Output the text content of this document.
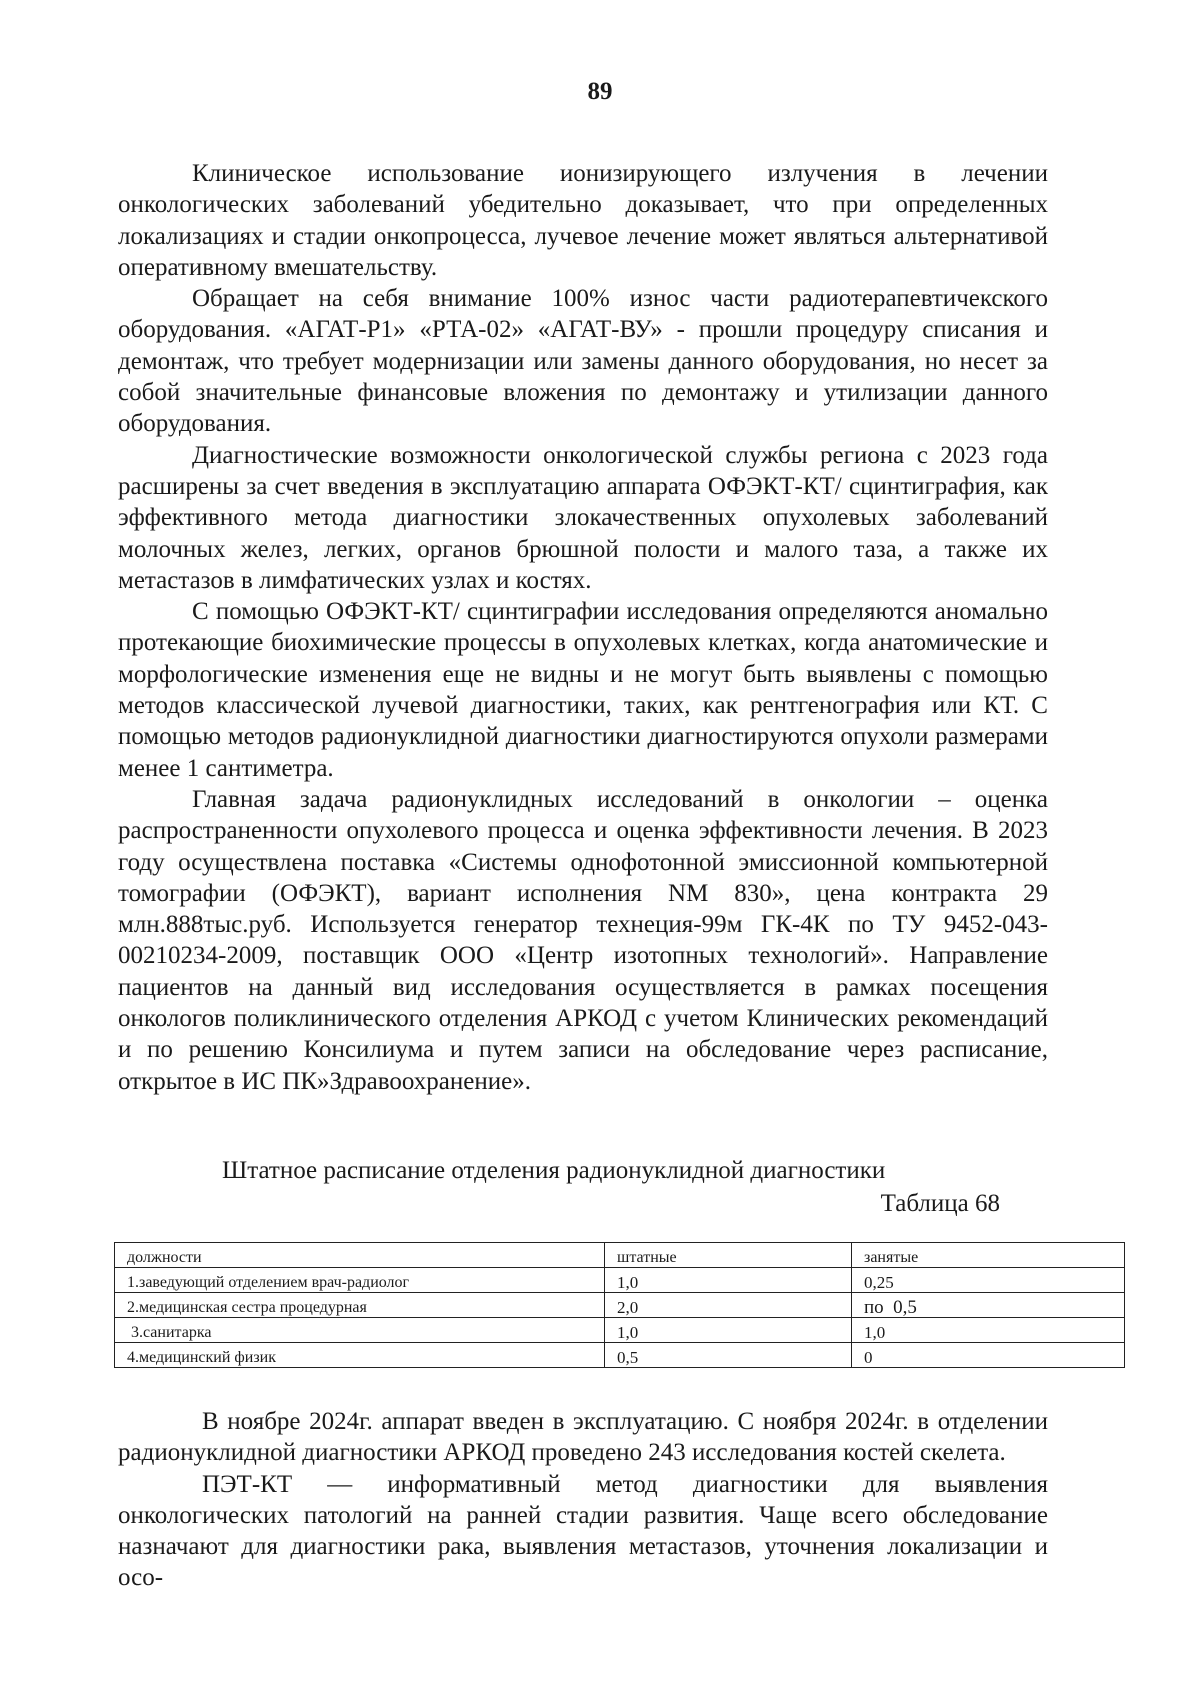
89

Клиническое использование ионизирующего излучения в лечении онкологических заболеваний убедительно доказывает, что при определенных локализациях и стадии онкопроцесса, лучевое лечение может являться альтернативой оперативному вмешательству.

Обращает на себя внимание 100% износ части радиотерапевтичекского оборудования. «АГАТ-Р1» «РТА-02» «АГАТ-ВУ» - прошли процедуру списания и демонтаж, что требует модернизации или замены данного оборудования, но несет за собой значительные финансовые вложения по демонтажу и утилизации данного оборудования.

Диагностические возможности онкологической службы региона с 2023 года расширены за счет введения в эксплуатацию аппарата ОФЭКТ-КТ/ сцинтиграфия, как эффективного метода диагностики злокачественных опухолевых заболеваний молочных желез, легких, органов брюшной полости и малого таза, а также их метастазов в лимфатических узлах и костях.

С помощью ОФЭКТ-КТ/ сцинтиграфии исследования определяются аномально протекающие биохимические процессы в опухолевых клетках, когда анатомические и морфологические изменения еще не видны и не могут быть выявлены с помощью методов классической лучевой диагностики, таких, как рентгенография или КТ. С помощью методов радионуклидной диагностики диагностируются опухоли размерами менее 1 сантиметра.

Главная задача радионуклидных исследований в онкологии – оценка распространенности опухолевого процесса и оценка эффективности лечения. В 2023 году осуществлена поставка «Системы однофотонной эмиссионной компьютерной томографии (ОФЭКТ), вариант исполнения NM 830», цена контракта 29 млн.888тыс.руб. Используется генератор технеция-99м ГК-4К по ТУ 9452-043-00210234-2009, поставщик ООО «Центр изотопных технологий». Направление пациентов на данный вид исследования осуществляется в рамках посещения онкологов поликлинического отделения АРКОД с учетом Клинических рекомендаций и по решению Консилиума и путем записи на обследование через расписание, открытое в ИС ПК»Здравоохранение».

Штатное расписание отделения радионуклидной диагностики
Таблица 68
должности	штатные	занятые
1.заведующий отделением врач-радиолог	1,0	0,25
2.медицинская сестра процедурная	2,0	по  0,5
3.санитарка	1,0	1,0
4.медицинский физик	0,5	0

В ноябре 2024г. аппарат введен в эксплуатацию. С ноября 2024г. в отделении радионуклидной диагностики АРКОД проведено 243 исследования костей скелета.

ПЭТ-КТ — информативный метод диагностики для выявления онкологических патологий на ранней стадии развития. Чаще всего обследование назначают для диагностики рака, выявления метастазов, уточнения локализации и осо-
